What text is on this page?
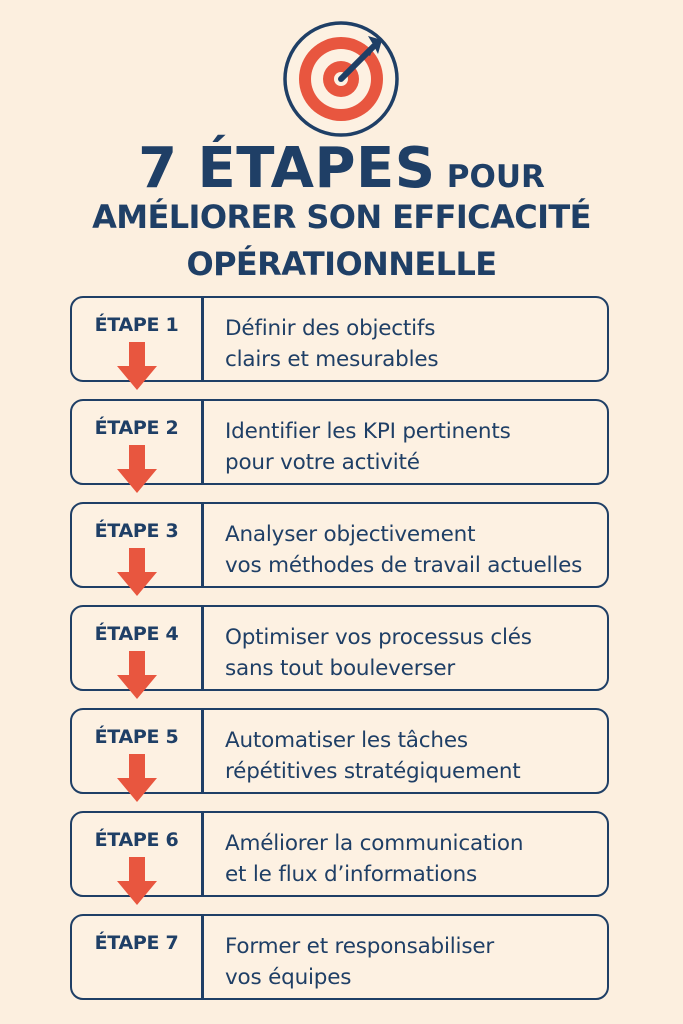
7 ÉTAPES POUR
AMÉLIORER SON EFFICACITÉ
OPÉRATIONNELLE
ÉTAPE 1	Définir des objectifs
clairs et mesurables
ÉTAPE 2	Identifier les KPI pertinents
pour votre activité
ÉTAPE 3	Analyser objectivement
vos méthodes de travail actuelles
ÉTAPE 4	Optimiser vos processus clés
sans tout bouleverser
ÉTAPE 5	Automatiser les tâches
répétitives stratégiquement
ÉTAPE 6	Améliorer la communication
et le flux d’informations
ÉTAPE 7	Former et responsabiliser
vos équipes
